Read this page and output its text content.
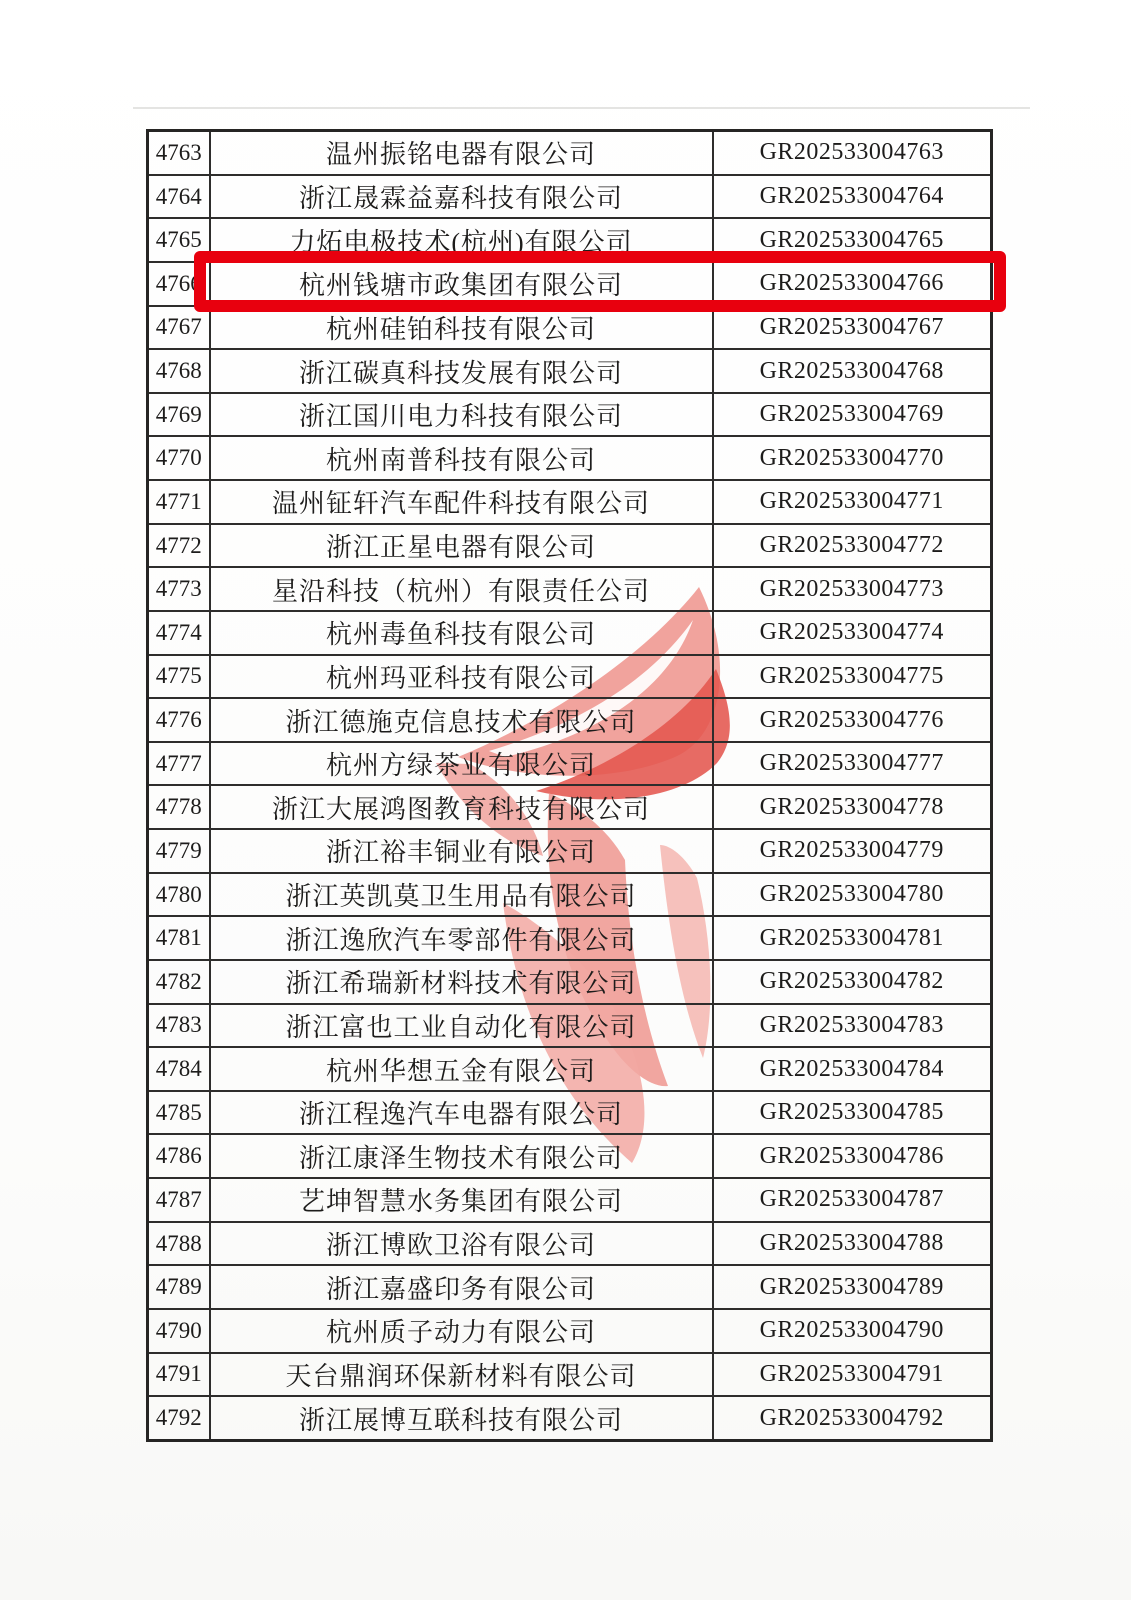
4763	温州振铭电器有限公司	GR202533004763
4764	浙江晟霖益嘉科技有限公司	GR202533004764
4765	力炻电极技术(杭州)有限公司	GR202533004765
4766	杭州钱塘市政集团有限公司	GR202533004766
4767	杭州硅铂科技有限公司	GR202533004767
4768	浙江碳真科技发展有限公司	GR202533004768
4769	浙江国川电力科技有限公司	GR202533004769
4770	杭州南普科技有限公司	GR202533004770
4771	温州钲轩汽车配件科技有限公司	GR202533004771
4772	浙江正星电器有限公司	GR202533004772
4773	星沿科技（杭州）有限责任公司	GR202533004773
4774	杭州毒鱼科技有限公司	GR202533004774
4775	杭州玛亚科技有限公司	GR202533004775
4776	浙江德施克信息技术有限公司	GR202533004776
4777	杭州方绿茶业有限公司	GR202533004777
4778	浙江大展鸿图教育科技有限公司	GR202533004778
4779	浙江裕丰铜业有限公司	GR202533004779
4780	浙江英凯莫卫生用品有限公司	GR202533004780
4781	浙江逸欣汽车零部件有限公司	GR202533004781
4782	浙江希瑞新材料技术有限公司	GR202533004782
4783	浙江富也工业自动化有限公司	GR202533004783
4784	杭州华想五金有限公司	GR202533004784
4785	浙江程逸汽车电器有限公司	GR202533004785
4786	浙江康泽生物技术有限公司	GR202533004786
4787	艺坤智慧水务集团有限公司	GR202533004787
4788	浙江博欧卫浴有限公司	GR202533004788
4789	浙江嘉盛印务有限公司	GR202533004789
4790	杭州质子动力有限公司	GR202533004790
4791	天台鼎润环保新材料有限公司	GR202533004791
4792	浙江展博互联科技有限公司	GR202533004792
